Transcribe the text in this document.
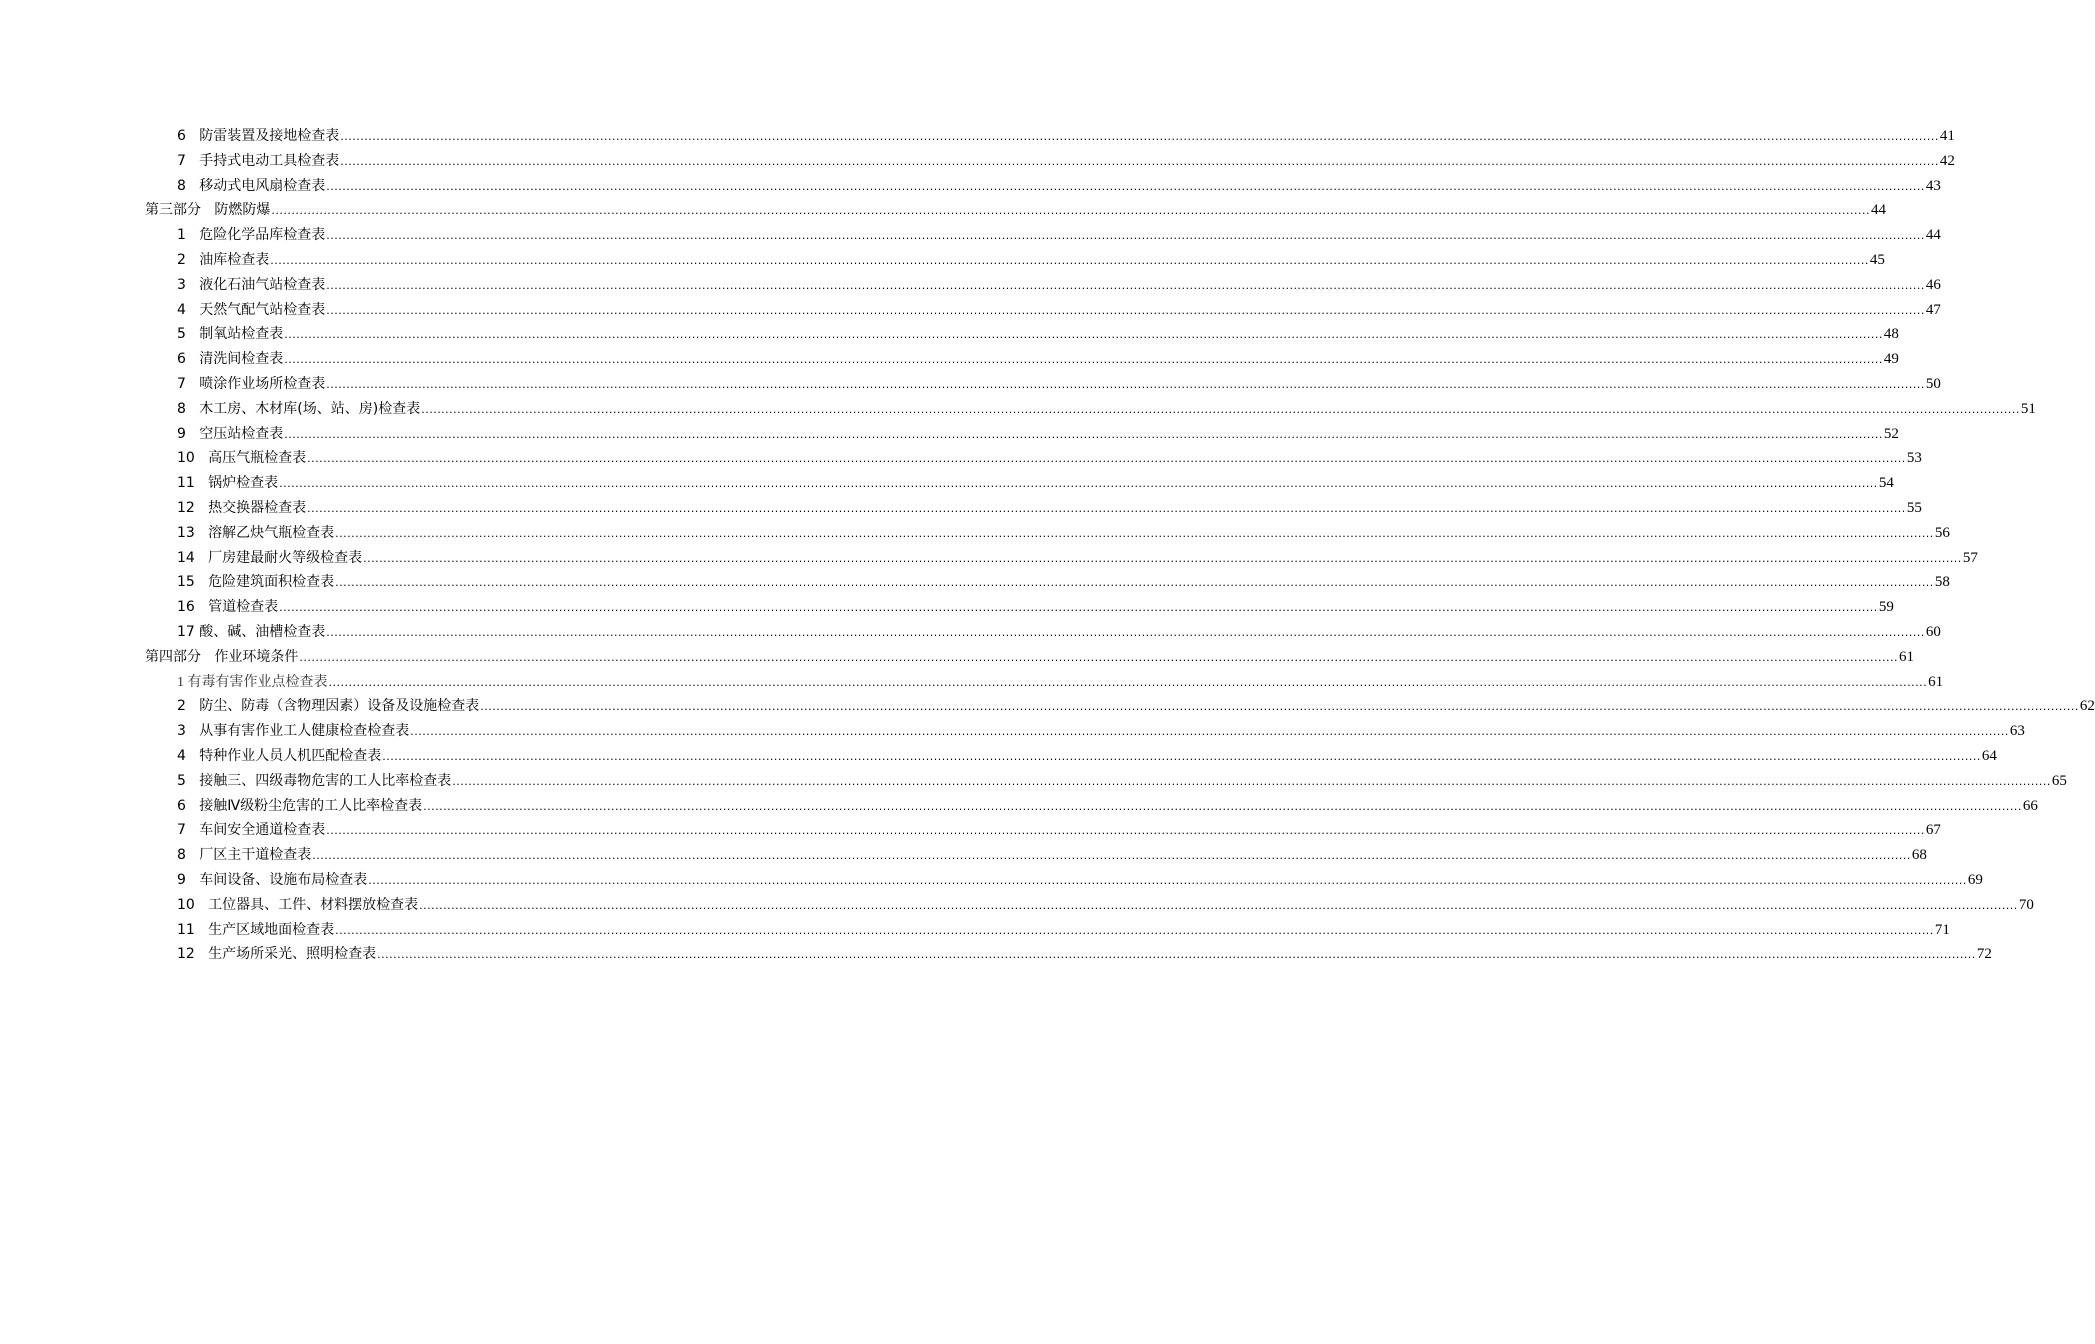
6 防雷装置及接地检查表 ................................................................................................................................................................................................................................................................................................................................................................................................................ 41
7 手持式电动工具检查表 ................................................................................................................................................................................................................................................................................................................................................................................................................ 42
8 移动式电风扇检查表 ................................................................................................................................................................................................................................................................................................................................................................................................................ 43
第三部分 防燃防爆 ................................................................................................................................................................................................................................................................................................................................................................................................................ 44
1 危险化学品库检查表 ................................................................................................................................................................................................................................................................................................................................................................................................................ 44
2 油库检查表 ................................................................................................................................................................................................................................................................................................................................................................................................................ 45
3 液化石油气站检查表 ................................................................................................................................................................................................................................................................................................................................................................................................................ 46
4 天然气配气站检查表 ................................................................................................................................................................................................................................................................................................................................................................................................................ 47
5 制氧站检查表 ................................................................................................................................................................................................................................................................................................................................................................................................................ 48
6 清洗间检查表 ................................................................................................................................................................................................................................................................................................................................................................................................................ 49
7 喷涂作业场所检查表 ................................................................................................................................................................................................................................................................................................................................................................................................................ 50
8 木工房、木材库(场、站、房)检查表 ................................................................................................................................................................................................................................................................................................................................................................................................................ 51
9 空压站检查表 ................................................................................................................................................................................................................................................................................................................................................................................................................ 52
10 高压气瓶检查表 ................................................................................................................................................................................................................................................................................................................................................................................................................ 53
11 锅炉检查表 ................................................................................................................................................................................................................................................................................................................................................................................................................ 54
12 热交换器检查表 ................................................................................................................................................................................................................................................................................................................................................................................................................ 55
13 溶解乙炔气瓶检查表 ................................................................................................................................................................................................................................................................................................................................................................................................................ 56
14 厂房建最耐火等级检查表 ................................................................................................................................................................................................................................................................................................................................................................................................................ 57
15 危险建筑面积检查表 ................................................................................................................................................................................................................................................................................................................................................................................................................ 58
16 管道检查表 ................................................................................................................................................................................................................................................................................................................................................................................................................ 59
17 酸、碱、油槽检查表 ................................................................................................................................................................................................................................................................................................................................................................................................................ 60
第四部分 作业环境条件 ................................................................................................................................................................................................................................................................................................................................................................................................................ 61
1 有毒有害作业点检查表 ................................................................................................................................................................................................................................................................................................................................................................................................................ 61
2 防尘、防毒（含物理因素）设备及设施检查表 ................................................................................................................................................................................................................................................................................................................................................................................................................ 62
3 从事有害作业工人健康检查检查表 ................................................................................................................................................................................................................................................................................................................................................................................................................ 63
4 特种作业人员人机匹配检查表 ................................................................................................................................................................................................................................................................................................................................................................................................................ 64
5 接触三、四级毒物危害的工人比率检查表 ................................................................................................................................................................................................................................................................................................................................................................................................................ 65
6 接触Ⅳ级粉尘危害的工人比率检查表 ................................................................................................................................................................................................................................................................................................................................................................................................................ 66
7 车间安全通道检查表 ................................................................................................................................................................................................................................................................................................................................................................................................................ 67
8 厂区主干道检查表 ................................................................................................................................................................................................................................................................................................................................................................................................................ 68
9 车间设备、设施布局检查表 ................................................................................................................................................................................................................................................................................................................................................................................................................ 69
10 工位器具、工件、材料摆放检查表 ................................................................................................................................................................................................................................................................................................................................................................................................................ 70
11 生产区域地面检查表 ................................................................................................................................................................................................................................................................................................................................................................................................................ 71
12 生产场所采光、照明检查表 ................................................................................................................................................................................................................................................................................................................................................................................................................ 72
